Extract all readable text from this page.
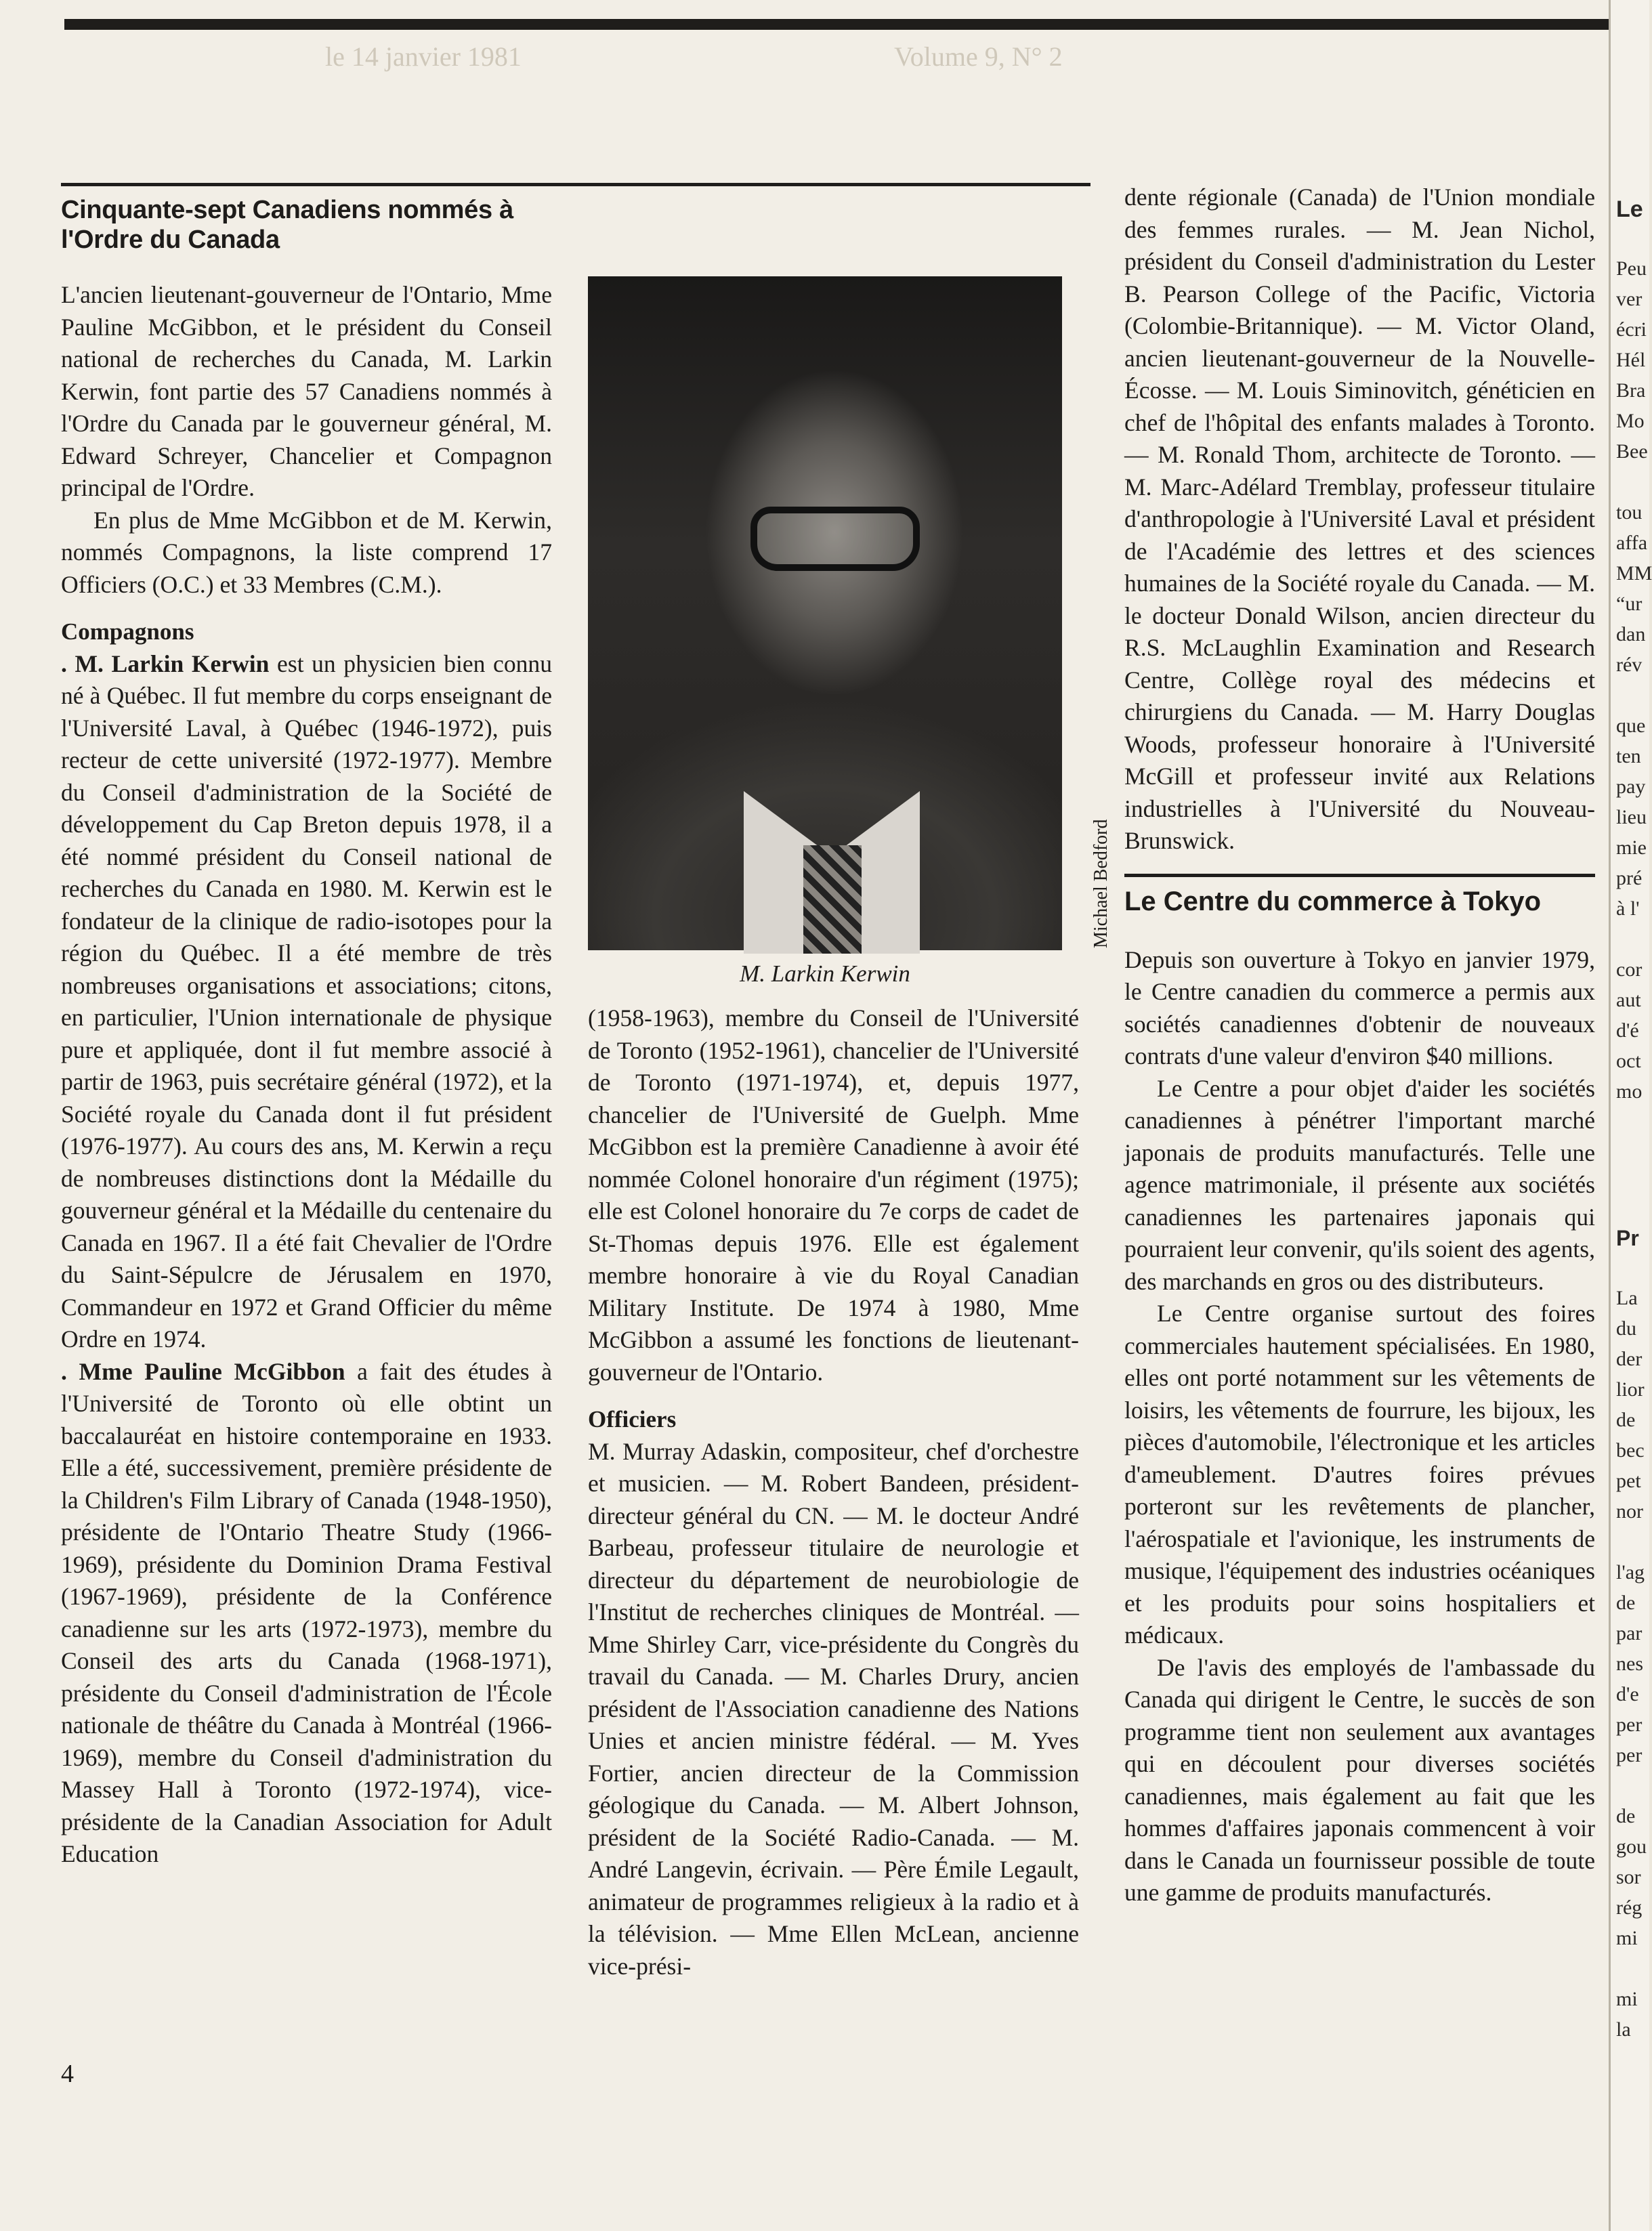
Volume 9, N° 2
le 14 janvier 1981
Cinquante-sept Canadiens nommés à l'Ordre du Canada

L'ancien lieutenant-gouverneur de l'Ontario, Mme Pauline McGibbon, et le président du Conseil national de recherches du Canada, M. Larkin Kerwin, font partie des 57 Canadiens nommés à l'Ordre du Canada par le gouverneur général, M. Edward Schreyer, Chancelier et Compagnon principal de l'Ordre.

En plus de Mme McGibbon et de M. Kerwin, nommés Compagnons, la liste comprend 17 Officiers (O.C.) et 33 Membres (C.M.).

Compagnons

. M. Larkin Kerwin est un physicien bien connu né à Québec. Il fut membre du corps enseignant de l'Université Laval, à Québec (1946-1972), puis recteur de cette université (1972-1977). Membre du Conseil d'administration de la Société de développement du Cap Breton depuis 1978, il a été nommé président du Conseil national de recherches du Canada en 1980. M. Kerwin est le fondateur de la clinique de radio-isotopes pour la région du Québec. Il a été membre de très nombreuses organisations et associations; citons, en particulier, l'Union internationale de physique pure et appliquée, dont il fut membre associé à partir de 1963, puis secrétaire général (1972), et la Société royale du Canada dont il fut président (1976-1977). Au cours des ans, M. Kerwin a reçu de nombreuses distinctions dont la Médaille du gouverneur général et la Médaille du centenaire du Canada en 1967. Il a été fait Chevalier de l'Ordre du Saint-Sépulcre de Jérusalem en 1970, Commandeur en 1972 et Grand Officier du même Ordre en 1974.

. Mme Pauline McGibbon a fait des études à l'Université de Toronto où elle obtint un baccalauréat en histoire contemporaine en 1933. Elle a été, successivement, première présidente de la Children's Film Library of Canada (1948-1950), présidente de l'Ontario Theatre Study (1966-1969), présidente du Dominion Drama Festival (1967-1969), présidente de la Conférence canadienne sur les arts (1972-1973), membre du Conseil des arts du Canada (1968-1971), présidente du Conseil d'administration de l'École nationale de théâtre du Canada à Montréal (1966-1969), membre du Conseil d'administration du Massey Hall à Toronto (1972-1974), vice-présidente de la Canadian Association for Adult Education

Michael Bedford
M. Larkin Kerwin

(1958-1963), membre du Conseil de l'Université de Toronto (1952-1961), chancelier de l'Université de Toronto (1971-1974), et, depuis 1977, chancelier de l'Université de Guelph. Mme McGibbon est la première Canadienne à avoir été nommée Colonel honoraire d'un régiment (1975); elle est Colonel honoraire du 7e corps de cadet de St-Thomas depuis 1976. Elle est également membre honoraire à vie du Royal Canadian Military Institute. De 1974 à 1980, Mme McGibbon a assumé les fonctions de lieutenant-gouverneur de l'Ontario.

Officiers

M. Murray Adaskin, compositeur, chef d'orchestre et musicien. — M. Robert Bandeen, président-directeur général du CN. — M. le docteur André Barbeau, professeur titulaire de neurologie et directeur du département de neurobiologie de l'Institut de recherches cliniques de Montréal. — Mme Shirley Carr, vice-présidente du Congrès du travail du Canada. — M. Charles Drury, ancien président de l'Association canadienne des Nations Unies et ancien ministre fédéral. — M. Yves Fortier, ancien directeur de la Commission géologique du Canada. — M. Albert Johnson, président de la Société Radio-Canada. — M. André Langevin, écrivain. — Père Émile Legault, animateur de programmes religieux à la radio et à la télévision. — Mme Ellen McLean, ancienne vice-prési-

dente régionale (Canada) de l'Union mondiale des femmes rurales. — M. Jean Nichol, président du Conseil d'administration du Lester B. Pearson College of the Pacific, Victoria (Colombie-Britannique). — M. Victor Oland, ancien lieutenant-gouverneur de la Nouvelle-Écosse. — M. Louis Siminovitch, généticien en chef de l'hôpital des enfants malades à Toronto. — M. Ronald Thom, architecte de Toronto. — M. Marc-Adélard Tremblay, professeur titulaire d'anthropologie à l'Université Laval et président de l'Académie des lettres et des sciences humaines de la Société royale du Canada. — M. le docteur Donald Wilson, ancien directeur du R.S. McLaughlin Examination and Research Centre, Collège royal des médecins et chirurgiens du Canada. — M. Harry Douglas Woods, professeur honoraire à l'Université McGill et professeur invité aux Relations industrielles à l'Université du Nouveau-Brunswick.

Le Centre du commerce à Tokyo

Depuis son ouverture à Tokyo en janvier 1979, le Centre canadien du commerce a permis aux sociétés canadiennes d'obtenir de nouveaux contrats d'une valeur d'environ $40 millions.

Le Centre a pour objet d'aider les sociétés canadiennes à pénétrer l'important marché japonais de produits manufacturés. Telle une agence matrimoniale, il présente aux sociétés canadiennes les partenaires japonais qui pourraient leur convenir, qu'ils soient des agents, des marchands en gros ou des distributeurs.

Le Centre organise surtout des foires commerciales hautement spécialisées. En 1980, elles ont porté notamment sur les vêtements de loisirs, les vêtements de fourrure, les bijoux, les pièces d'automobile, l'électronique et les articles d'ameublement. D'autres foires prévues porteront sur les revêtements de plancher, l'aérospatiale et l'avionique, les instruments de musique, l'équipement des industries océaniques et les produits pour soins hospitaliers et médicaux.

De l'avis des employés de l'ambassade du Canada qui dirigent le Centre, le succès de son programme tient non seulement aux avantages qui en découlent pour diverses sociétés canadiennes, mais également au fait que les hommes d'affaires japonais commencent à voir dans le Canada un fournisseur possible de toute une gamme de produits manufacturés.

4
Le
Peu
ver
écri
Hél
Bra
Mo
Bee
tou
affa
MM
“ur
dan
rév
que
ten
pay
lieu
mie
pré
à l'
cor
aut
d'é
oct
mo
Pr
La
du
der
lior
de
bec
pet
nor
l'ag
de
par
nes
d'e
per
per
de
gou
sor
rég
mi
mi
la
